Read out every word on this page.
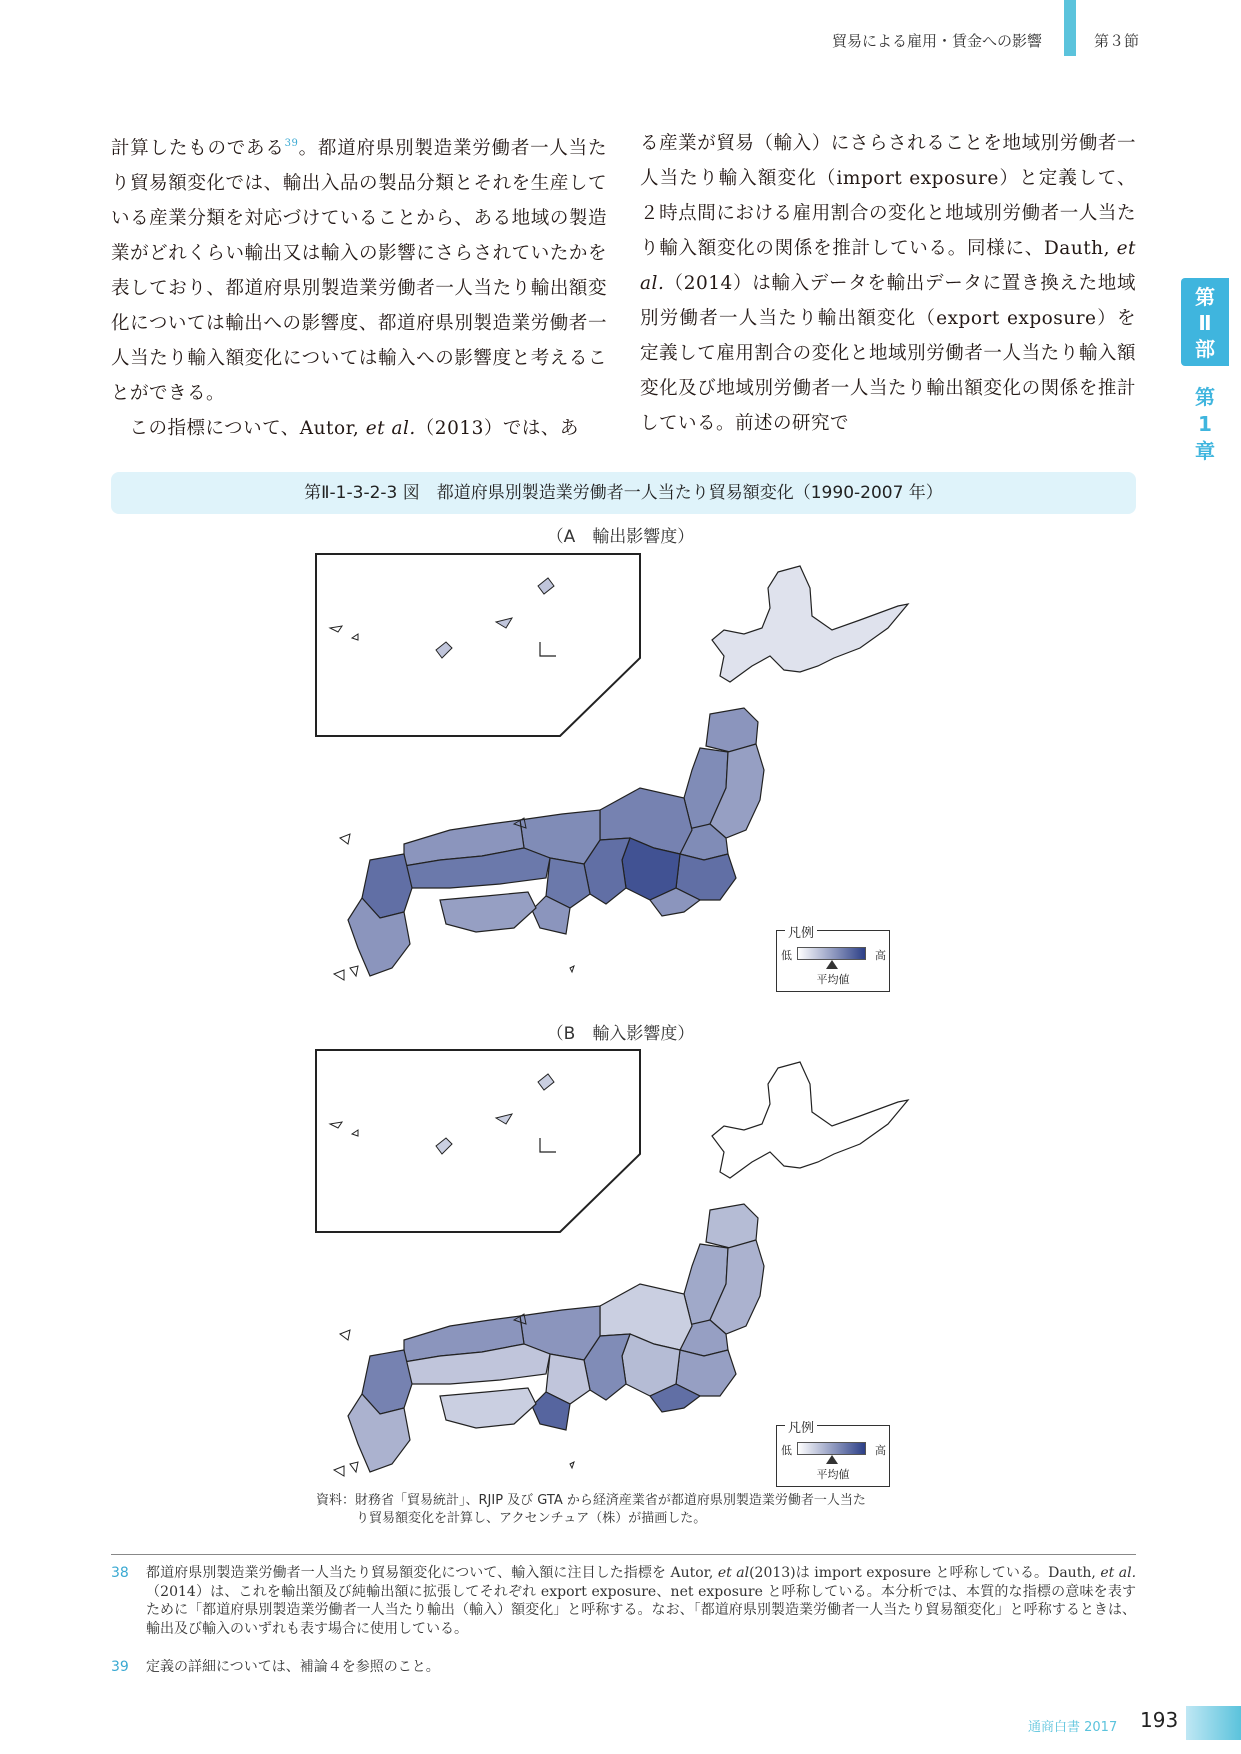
貿易による雇用・賃金への影響	第３節
第
Ⅱ
部
第
1
章

計算したものである$^{39}$。都道府県別製造業労働者一人当たり貿易額変化では、輸出入品の製品分類とそれを生産している産業分類を対応づけていることから、ある地域の製造業がどれくらい輸出又は輸入の影響にさらされていたかを表しており、都道府県別製造業労働者一人当たり輸出額変化については輸出への影響度、都道府県別製造業労働者一人当たり輸入額変化については輸入への影響度と考えることができる。

この指標について、Autor, et al.（2013）では、あ

る産業が貿易（輸入）にさらされることを地域別労働者一人当たり輸入額変化（import exposure）と定義して、２時点間における雇用割合の変化と地域別労働者一人当たり輸入額変化の関係を推計している。同様に、Dauth, et al.（2014）は輸入データを輸出データに置き換えた地域別労働者一人当たり輸出額変化（export exposure）を定義して雇用割合の変化と地域別労働者一人当たり輸入額変化及び地域別労働者一人当たり輸出額変化の関係を推計している。前述の研究で

第Ⅱ-1-3-2-3 図　都道府県別製造業労働者一人当たり貿易額変化（1990-2007 年）
（A　輸出影響度）
凡例
低	高
平均値
（B　輸入影響度）
凡例
低	高
平均値
資料：財務省「貿易統計」、RJIP 及び GTA から経済産業省が都道府県別製造業労働者一人当た
り貿易額変化を計算し、アクセンチュア（株）が描画した。
38 都道府県別製造業労働者一人当たり貿易額変化について、輸入額に注目した指標を Autor, et al(2013)は import exposure と呼称している。Dauth, et al.（2014）は、これを輸出額及び純輸出額に拡張してそれぞれ export exposure、net exposure と呼称している。本分析では、本質的な指標の意味を表すために「都道府県別製造業労働者一人当たり輸出（輸入）額変化」と呼称する。なお、「都道府県別製造業労働者一人当たり貿易額変化」と呼称するときは、輸出及び輸入のいずれも表す場合に使用している。
39 定義の詳細については、補論４を参照のこと。
通商白書 2017 193
